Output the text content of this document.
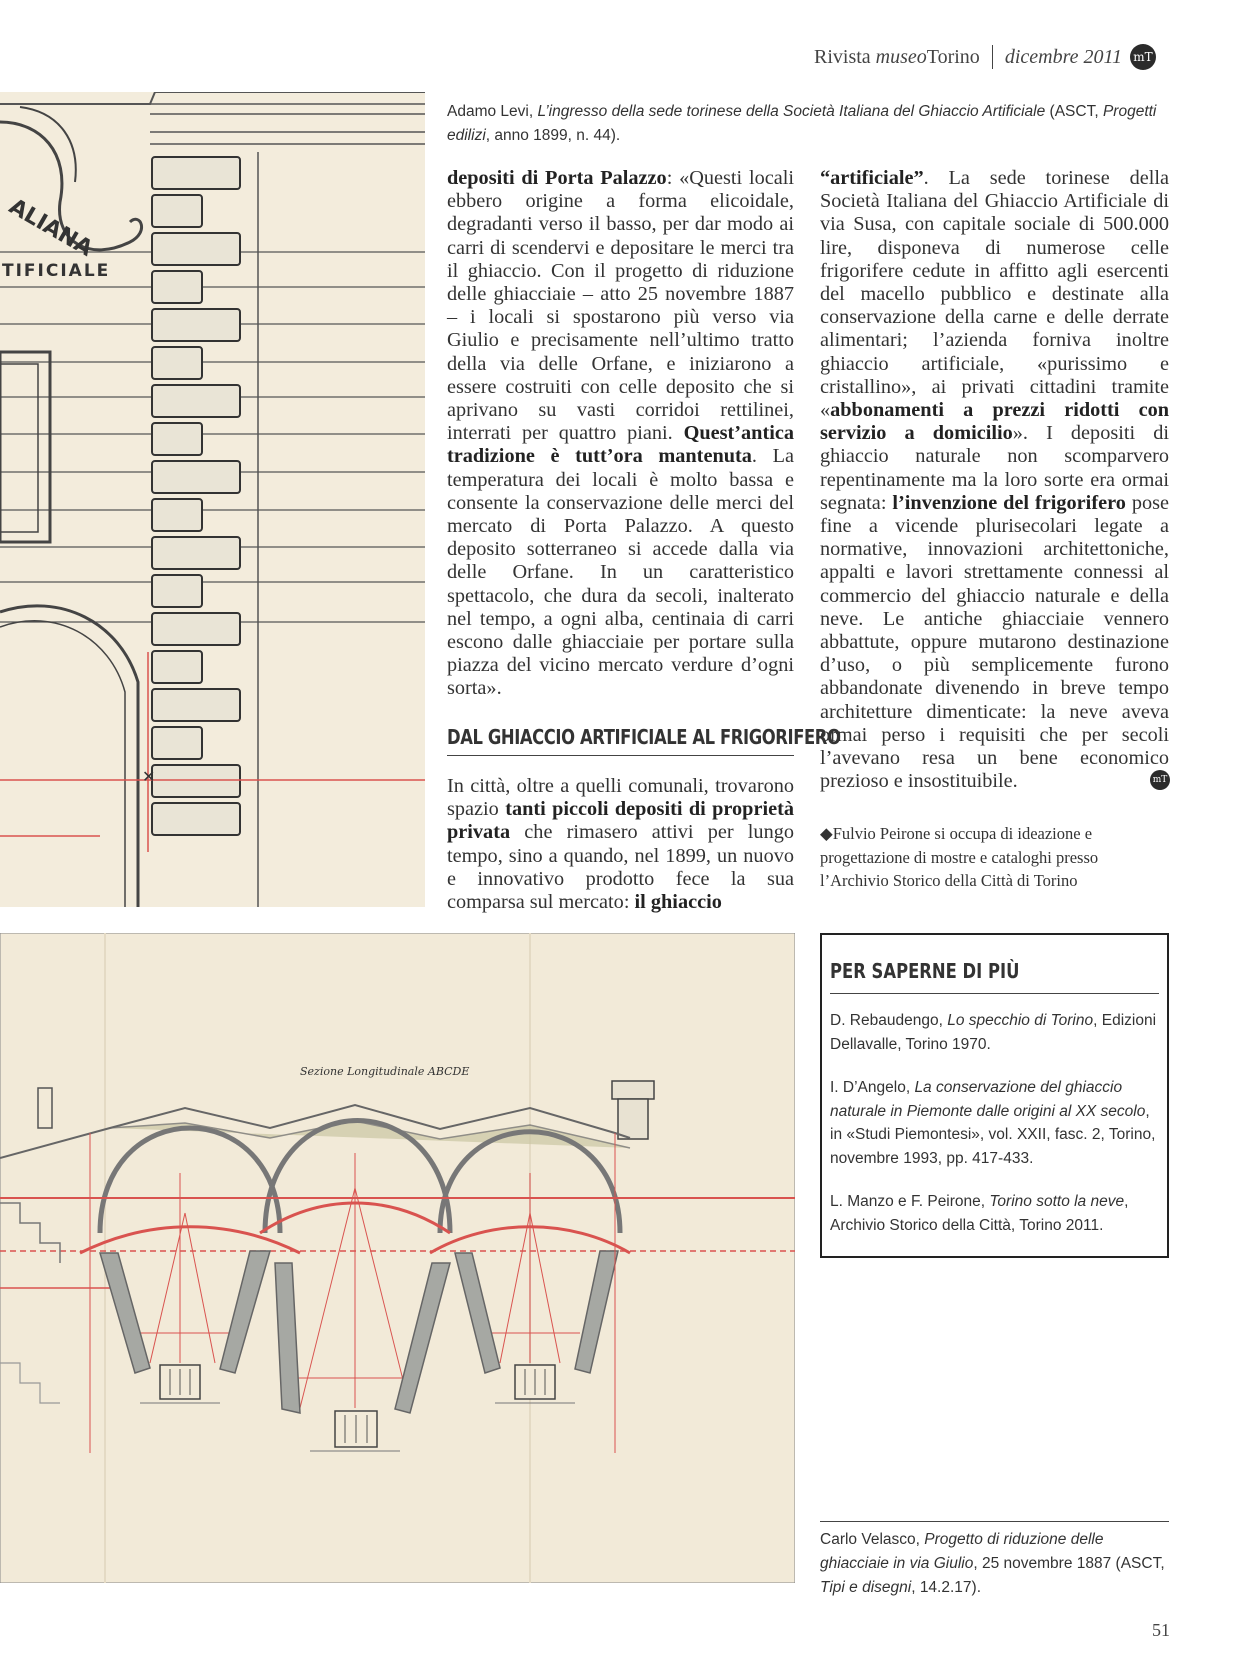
Rivista museoTorino dicembre 2011 mT
ALIANA
TIFICIALE
✕
Adamo Levi, L’ingresso della sede torinese della Società Italiana del Ghiaccio Artificiale (ASCT, Progetti edilizi, anno 1899, n. 44).

depositi di Porta Palazzo: «Questi locali ebbero origine a forma elicoidale, degradanti verso il basso, per dar modo ai carri di scendervi e depositare le merci tra il ghiaccio. Con il progetto di riduzione delle ghiacciaie – atto 25 novembre 1887 – i locali si spostarono più verso via Giulio e precisamente nell’ultimo tratto della via delle Orfane, e iniziarono a essere costruiti con celle deposito che si aprivano su vasti corridoi rettilinei, interrati per quattro piani. Quest’antica tradizione è tutt’ora mantenuta. La temperatura dei locali è molto bassa e consente la conservazione delle merci del mercato di Porta Palazzo. A questo deposito sotterraneo si accede dalla via delle Orfane. In un caratteristico spettacolo, che dura da secoli, inalterato nel tempo, a ogni alba, centinaia di carri escono dalle ghiacciaie per portare sulla piazza del vicino mercato verdure d’ogni sorta».

DAL GHIACCIO ARTIFICIALE AL FRIGORIFERO

In città, oltre a quelli comunali, trovarono spazio tanti piccoli depositi di proprietà privata che rimasero attivi per lungo tempo, sino a quando, nel 1899, un nuovo e innovativo prodotto fece la sua comparsa sul mercato: il ghiaccio

“artificiale”. La sede torinese della Società Italiana del Ghiaccio Artificiale di via Susa, con capitale sociale di 500.000 lire, disponeva di numerose celle frigorifere cedute in affitto agli esercenti del macello pubblico e destinate alla conservazione della carne e delle derrate alimentari; l’azienda forniva inoltre ghiaccio artificiale, «purissimo e cristallino», ai privati cittadini tramite «abbonamenti a prezzi ridotti con servizio a domicilio». I depositi di ghiaccio naturale non scomparvero repentinamente ma la loro sorte era ormai segnata: l’invenzione del frigorifero pose fine a vicende plurisecolari legate a normative, innovazioni architettoniche, appalti e lavori strettamente connessi al commercio del ghiaccio naturale e della neve. Le antiche ghiacciaie vennero abbattute, oppure mutarono destinazione d’uso, o più semplicemente furono abbandonate divenendo in breve tempo architetture dimenticate: la neve aveva ormai perso i requisiti che per secoli l’avevano resa un bene economico prezioso e insostituibile.	mT
◆Fulvio Peirone si occupa di ideazione e progettazione di mostre e cataloghi presso l’Archivio Storico della Città di Torino
PER SAPERNE DI PIÙ

D. Rebaudengo, Lo specchio di Torino, Edizioni Dellavalle, Torino 1970.

I. D’Angelo, La conservazione del ghiaccio naturale in Piemonte dalle origini al XX secolo, in «Studi Piemontesi», vol. XXII, fasc. 2, Torino, novembre 1993, pp. 417-433.

L. Manzo e F. Peirone, Torino sotto la neve, Archivio Storico della Città, Torino 2011.

Sezione Longitudinale ABCDE
Carlo Velasco, Progetto di riduzione delle ghiacciaie in via Giulio, 25 novembre 1887 (ASCT, Tipi e disegni, 14.2.17).
51
